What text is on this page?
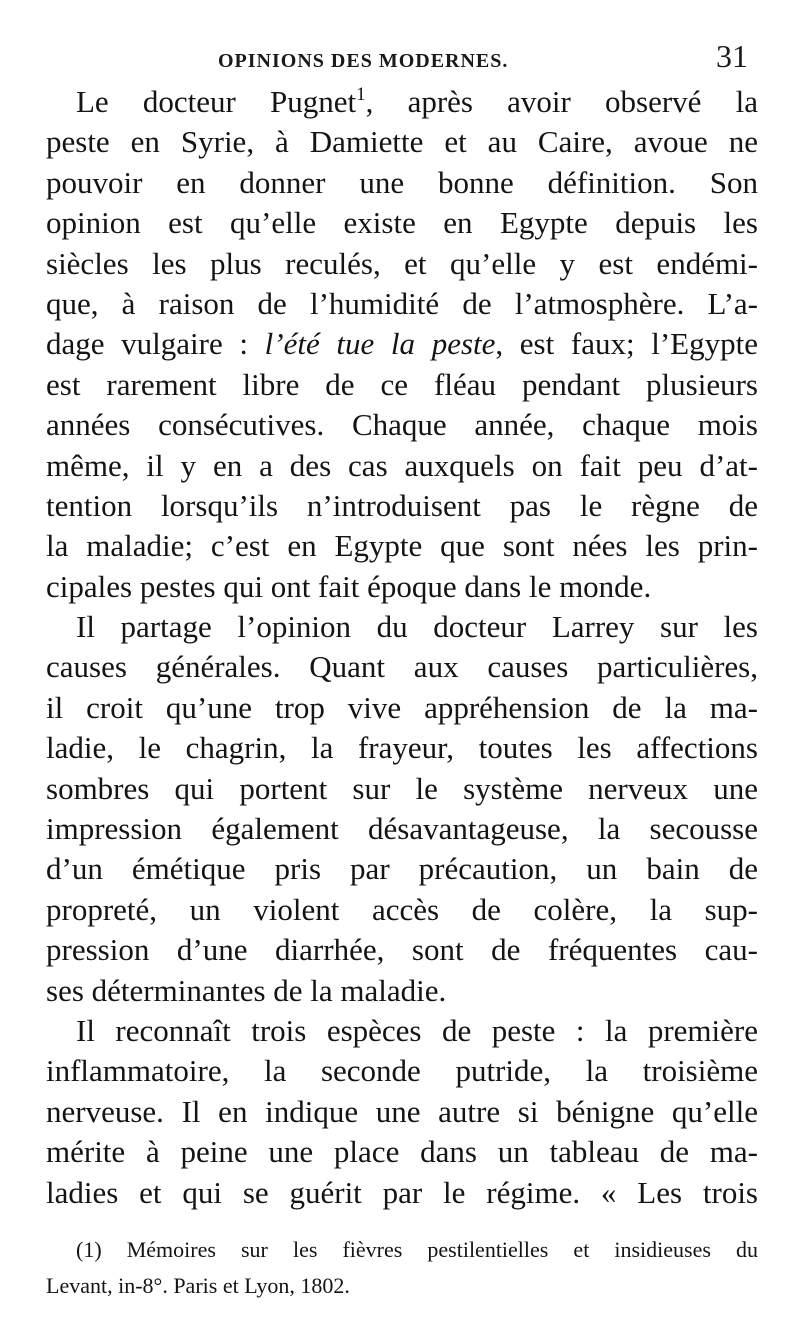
OPINIONS DES MODERNES.	31
Le docteur Pugnet$^1$, après avoir observé la
peste en Syrie, à Damiette et au Caire, avoue ne
pouvoir en donner une bonne définition. Son
opinion est qu’elle existe en Egypte depuis les
siècles les plus reculés, et qu’elle y est endémi-
que, à raison de l’humidité de l’atmosphère. L’a-
dage vulgaire : l’été tue la peste, est faux; l’Egypte
est rarement libre de ce fléau pendant plusieurs
années consécutives. Chaque année, chaque mois
même, il y en a des cas auxquels on fait peu d’at-
tention lorsqu’ils n’introduisent pas le règne de
la maladie; c’est en Egypte que sont nées les prin-
cipales pestes qui ont fait époque dans le monde.
Il partage l’opinion du docteur Larrey sur les
causes générales. Quant aux causes particulières,
il croit qu’une trop vive appréhension de la ma-
ladie, le chagrin, la frayeur, toutes les affections
sombres qui portent sur le système nerveux une
impression également désavantageuse, la secousse
d’un émétique pris par précaution, un bain de
propreté, un violent accès de colère, la sup-
pression d’une diarrhée, sont de fréquentes cau-
ses déterminantes de la maladie.
Il reconnaît trois espèces de peste : la première
inflammatoire, la seconde putride, la troisième
nerveuse. Il en indique une autre si bénigne qu’elle
mérite à peine une place dans un tableau de ma-
ladies et qui se guérit par le régime. « Les trois
(1) Mémoires sur les fièvres pestilentielles et insidieuses du
Levant, in-8°. Paris et Lyon, 1802.
